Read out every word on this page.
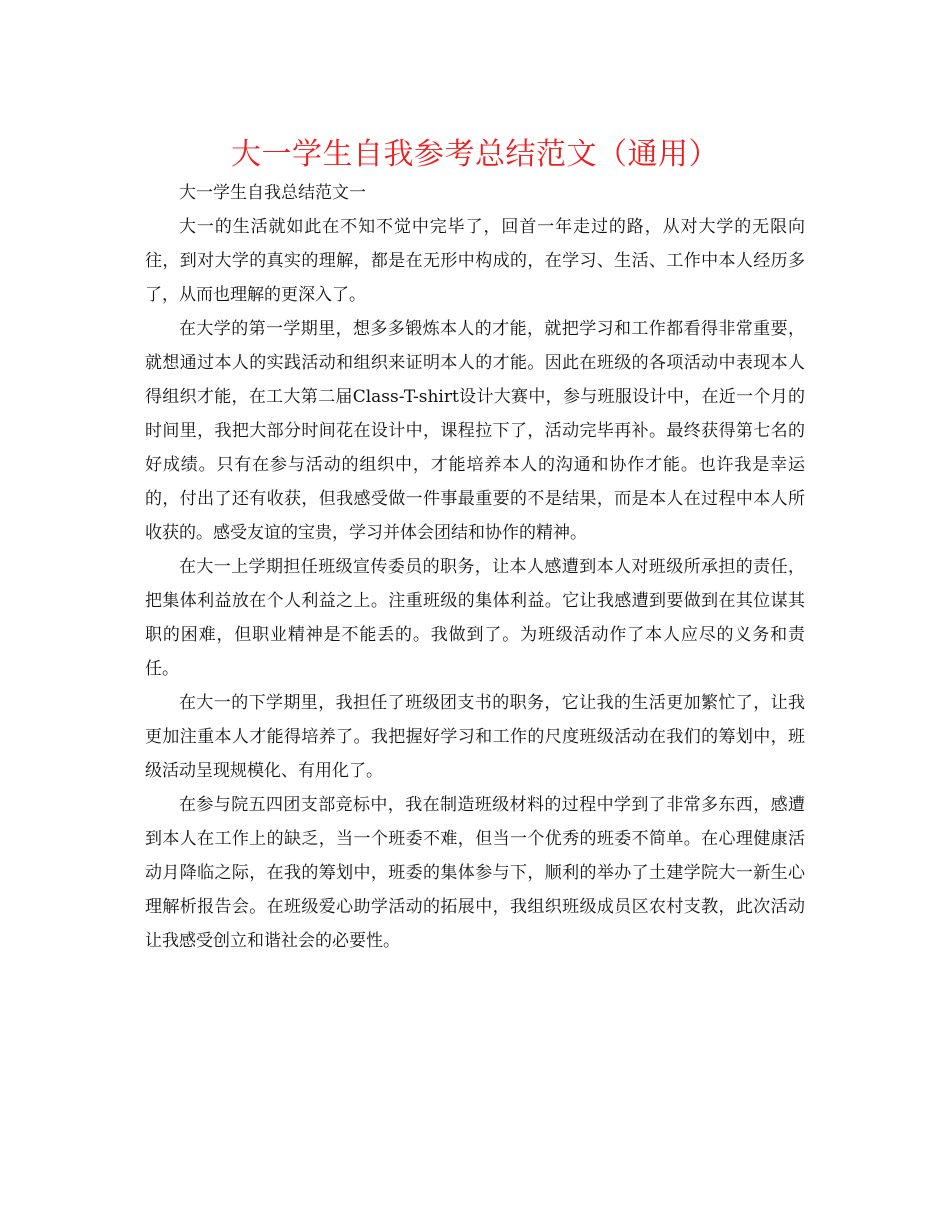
大一学生自我参考总结范文（通用）

大一学生自我总结范文一

大一的生活就如此在不知不觉中完毕了，回首一年走过的路，从对大学的无限向往，到对大学的真实的理解，都是在无形中构成的，在学习、生活、工作中本人经历多了，从而也理解的更深入了。

在大学的第一学期里，想多多锻炼本人的才能，就把学习和工作都看得非常重要，就想通过本人的实践活动和组织来证明本人的才能。因此在班级的各项活动中表现本人得组织才能，在工大第二届Class-T-shirt设计大赛中，参与班服设计中，在近一个月的时间里，我把大部分时间花在设计中，课程拉下了，活动完毕再补。最终获得第七名的好成绩。只有在参与活动的组织中，才能培养本人的沟通和协作才能。也许我是幸运的，付出了还有收获，但我感受做一件事最重要的不是结果，而是本人在过程中本人所收获的。感受友谊的宝贵，学习并体会团结和协作的精神。

在大一上学期担任班级宣传委员的职务，让本人感遭到本人对班级所承担的责任，把集体利益放在个人利益之上。注重班级的集体利益。它让我感遭到要做到在其位谋其职的困难，但职业精神是不能丢的。我做到了。为班级活动作了本人应尽的义务和责任。

在大一的下学期里，我担任了班级团支书的职务，它让我的生活更加繁忙了，让我更加注重本人才能得培养了。我把握好学习和工作的尺度班级活动在我们的筹划中，班级活动呈现规模化、有用化了。

在参与院五四团支部竞标中，我在制造班级材料的过程中学到了非常多东西，感遭到本人在工作上的缺乏，当一个班委不难，但当一个优秀的班委不简单。在心理健康活动月降临之际，在我的筹划中，班委的集体参与下，顺利的举办了土建学院大一新生心理解析报告会。在班级爱心助学活动的拓展中，我组织班级成员区农村支教，此次活动让我感受创立和谐社会的必要性。
